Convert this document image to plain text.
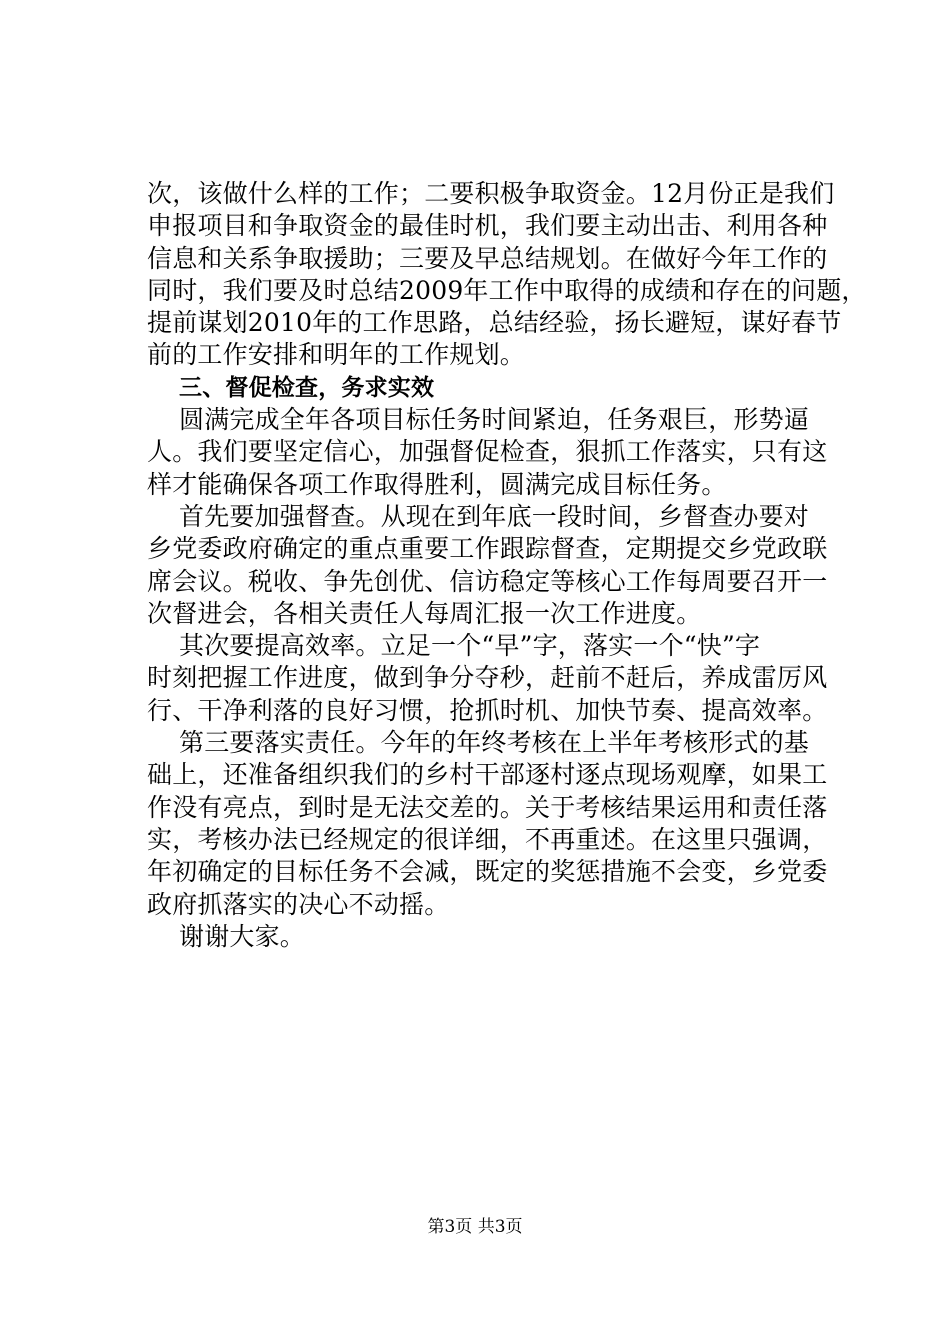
次，该做什么样的工作；二要积极争取资金。12月份正是我们
申报项目和争取资金的最佳时机，我们要主动出击、利用各种
信息和关系争取援助；三要及早总结规划。在做好今年工作的
同时，我们要及时总结2009年工作中取得的成绩和存在的问题，
提前谋划2010年的工作思路，总结经验，扬长避短，谋好春节
前的工作安排和明年的工作规划。
三、督促检查，务求实效
圆满完成全年各项目标任务时间紧迫，任务艰巨，形势逼
人。我们要坚定信心，加强督促检查，狠抓工作落实，只有这
样才能确保各项工作取得胜利，圆满完成目标任务。
首先要加强督查。从现在到年底一段时间，乡督查办要对
乡党委政府确定的重点重要工作跟踪督查，定期提交乡党政联
席会议。税收、争先创优、信访稳定等核心工作每周要召开一
次督进会，各相关责任人每周汇报一次工作进度。
其次要提高效率。立足一个“早”字，落实一个“快”字
时刻把握工作进度，做到争分夺秒，赶前不赶后，养成雷厉风
行、干净利落的良好习惯，抢抓时机、加快节奏、提高效率。
第三要落实责任。今年的年终考核在上半年考核形式的基
础上，还准备组织我们的乡村干部逐村逐点现场观摩，如果工
作没有亮点，到时是无法交差的。关于考核结果运用和责任落
实，考核办法已经规定的很详细，不再重述。在这里只强调，
年初确定的目标任务不会减，既定的奖惩措施不会变，乡党委
政府抓落实的决心不动摇。
谢谢大家。
第3页 共3页
